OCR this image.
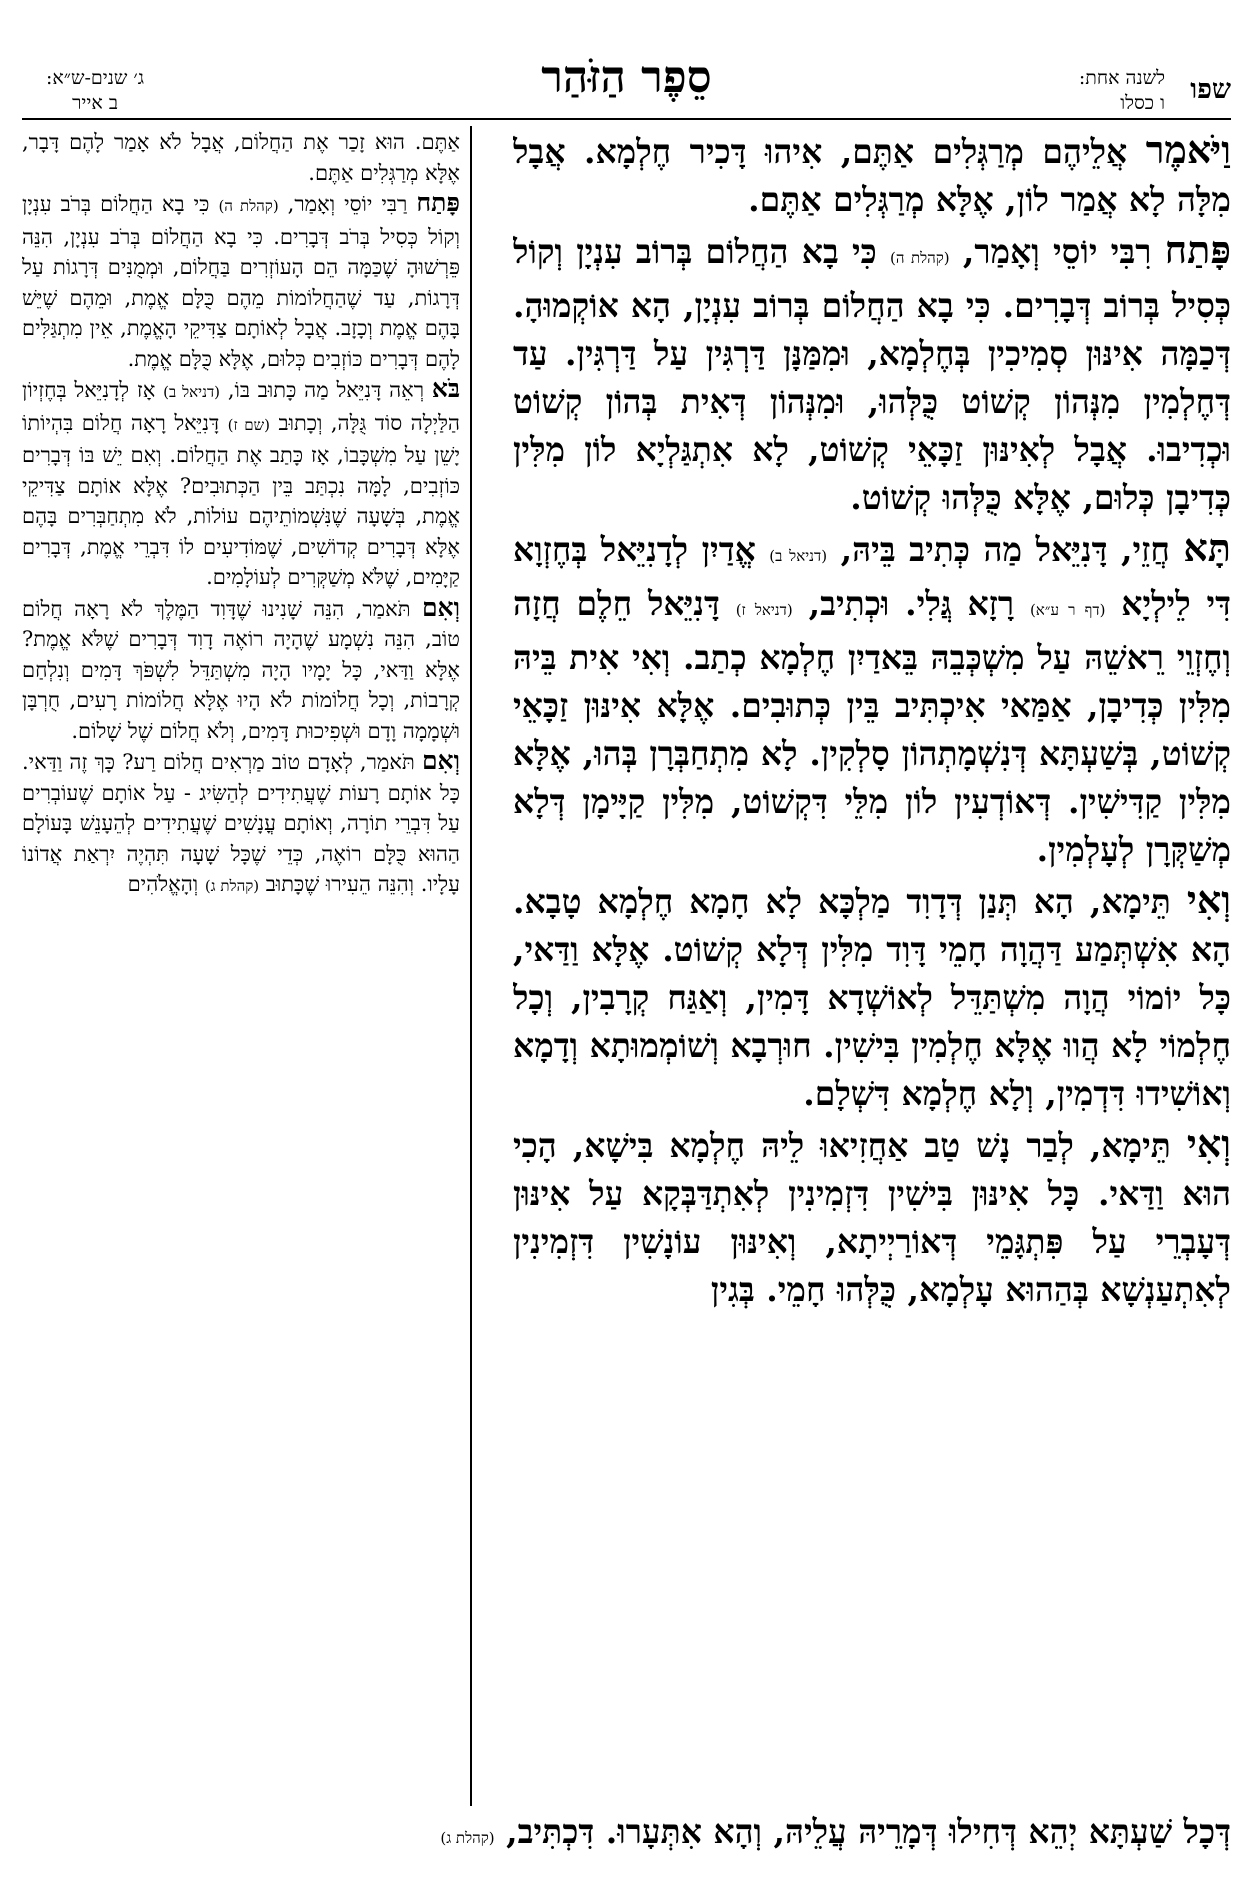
שפו
לשנה אחת:
ו כסלו
סֵפֶר הַזֹּהַר
ג׳ שנים-ש״א:
ב אייר

וַיֹּאמֶר אֲלֵיהֶם מְרַגְּלִים אַתֶּם, אִיהוּ דָּכִיר חֶלְמָא. אֲבָל מִלָּה לָא אֲמַר לוֹן, אֶלָּא מְרַגְּלִים אַתֶּם.

פָּתַח רִבִּי יוֹסֵי וְאָמַר, (קהלת ה) כִּי בָא הַחֲלוֹם בְּרוֹב עִנְיָן וְקוֹל כְּסִיל בְּרוֹב דְּבָרִים. כִּי בָא הַחֲלוֹם בְּרוֹב עִנְיָן, הָא אוֹקְמוּהָ. דְּכַמָּה אִינּוּן סְמִיכִין בְּחֶלְמָא, וּמִמַּנָּן דַּרְגִּין עַל דַּרְגִּין. עַד דְּחֶלְמִין מִנְּהוֹן קְשׁוֹט כֻּלְּהוּ, וּמִנְּהוֹן דְּאִית בְּהוֹן קְשׁוֹט וּכְדִיבוּ. אֲבָל לְאִינּוּן זַכָּאֵי קְשׁוֹט, לָא אִתְגַּלְיָא לוֹן מִלִּין כְּדִיבָן כְּלוּם, אֶלָּא כֻּלְּהוּ קְשׁוֹט.

תָּא חֲזֵי, דָּנִיֵּאל מַה כְּתִיב בֵּיהּ, (דניאל ב) אֱדַיִן לְדָנִיֵּאל בְּחֶזְוָא דִּי לֵילְיָא (דף ר ע״א) רָזָא גֲּלִי. וּכְתִיב, (דניאל ז) דָּנִיֵּאל חֵלֶם חֲזָה וְחֶזְוֵי רֵאשֵׁהּ עַל מִשְׁכְּבֵהּ בֵּאדַיִן חֶלְמָא כְתַב. וְאִי אִית בֵּיהּ מִלִּין כְּדִיבָן, אַמַּאי אִיכְתִּיב בֵּין כְּתוּבִים. אֶלָּא אִינּוּן זַכָּאֵי קְשׁוֹט, בְּשַׁעְתָּא דְּנִשְׁמָתְהוֹן סָלְקִין. לָא מִתְחַבְּרָן בְּהוּ, אֶלָּא מִלִּין קַדִּישִׁין. דְּאוֹדְעִין לוֹן מִלֵּי דִּקְשׁוֹט, מִלִּין קַיָּימָן דְּלָא מְשַׁקְּרָן לְעָלְמִין.

וְאִי תֵּימָא, הָא תְּנַן דְּדָוִד מַלְכָּא לָא חָמָא חֶלְמָא טָבָא. הָא אִשְׁתְּמַע דַּהֲוָה חָמֵי דָּוִד מִלִּין דְּלָא קְשׁוֹט. אֶלָּא וַדַּאי, כָּל יוֹמוֹי הֲוָה מִשְׁתַּדֵּל לְאוֹשְׁדָא דָּמִין, וְאַגַּח קְרָבִין, וְכָל חֶלְמוֹי לָא הֲווּ אֶלָּא חֶלְמִין בִּישִׁין. חוּרְבָא וְשׁוֹמְמוּתָא וְדָמָא וְאוֹשִׁידוּ דִּדְמִין, וְלָא חֶלְמָא דִּשְׁלָם.

וְאִי תֵּימָא, לְבַר נָשׁ טַב אַחֲזִיאוּ לֵיהּ חֶלְמָא בִּישָׁא, הָכִי הוּא וַדַּאי. כָּל אִינּוּן בִּישִׁין דִּזְמִינִין לְאִתְדַּבְּקָא עַל אִינּוּן דְּעָבְרֵי עַל פִּתְגָּמֵי דְּאוֹרַיְיתָא, וְאִינּוּן עוֹנָשִׁין דִּזְמִינִין לְאִתְעַנְשָׁא בְּהַהוּא עָלְמָא, כֻּלְּהוּ חָמֵי. בְּגִין

אַתֶּם. הוּא זָכַר אֶת הַחֲלוֹם, אֲבָל לֹא אָמַר לָהֶם דָּבָר, אֶלָּא מְרַגְּלִים אַתֶּם.

פָּתַח רַבִּי יוֹסֵי וְאָמַר, (קהלת ה) כִּי בָא הַחֲלוֹם בְּרֹב עִנְיָן וְקוֹל כְּסִיל בְּרֹב דְּבָרִים. כִּי בָא הַחֲלוֹם בְּרֹב עִנְיָן, הִנֵּה פֵּרְשׁוּהָ שֶׁכַּמָּה הֵם הָעוֹזְרִים בַּחֲלוֹם, וּמְמֻנִּים דְּרָגוֹת עַל דְּרָגוֹת, עַד שֶׁהַחֲלוֹמוֹת מֵהֶם כֻּלָּם אֱמֶת, וּמֵהֶם שֶׁיֵּשׁ בָּהֶם אֱמֶת וְכָזָב. אֲבָל לְאוֹתָם צַדִּיקֵי הָאֱמֶת, אֵין מִתְגַּלִּים לָהֶם דְּבָרִים כּוֹזְבִים כְּלוּם, אֶלָּא כֻּלָּם אֱמֶת.

בֹּא רְאֵה דָּנִיֵּאל מַה כָּתוּב בּוֹ, (דניאל ב) אָז לְדָנִיֵּאל בְּחֶזְיוֹן הַלַּיְלָה סוֹד גֻּלָּה, וְכָתוּב (שם ז) דָּנִיֵּאל רָאָה חֲלוֹם בִּהְיוֹתוֹ יָשֵׁן עַל מִשְׁכָּבוֹ, אָז כָּתַב אֶת הַחֲלוֹם. וְאִם יֵשׁ בּוֹ דְּבָרִים כּוֹזְבִים, לָמָּה נִכְתַּב בֵּין הַכְּתוּבִים? אֶלָּא אוֹתָם צַדִּיקֵי אֱמֶת, בְּשָׁעָה שֶׁנִּשְׁמוֹתֵיהֶם עוֹלוֹת, לֹא מִתְחַבְּרִים בָּהֶם אֶלָּא דְּבָרִים קְדוֹשִׁים, שֶׁמּוֹדִיעִים לוֹ דִּבְרֵי אֱמֶת, דְּבָרִים קַיָּמִים, שֶׁלֹּא מְשַׁקְּרִים לְעוֹלָמִים.

וְאִם תֹּאמַר, הִנֵּה שָׁנִינוּ שֶׁדָּוִד הַמֶּלֶךְ לֹא רָאָה חֲלוֹם טוֹב, הִנֵּה נִשְׁמָע שֶׁהָיָה רוֹאֶה דָוִד דְּבָרִים שֶׁלֹּא אֱמֶת? אֶלָּא וַדַּאי, כָּל יָמָיו הָיָה מִשְׁתַּדֵּל לִשְׁפֹּךְ דָּמִים וְנִלְחַם קְרָבוֹת, וְכָל חֲלוֹמוֹת לֹא הָיוּ אֶלָּא חֲלוֹמוֹת רָעִים, חֻרְבָּן וּשְׁמָמָה וָדָם וּשְׁפִיכוּת דָּמִים, וְלֹא חֲלוֹם שֶׁל שָׁלוֹם.

וְאִם תֹּאמַר, לְאָדָם טוֹב מַרְאִים חֲלוֹם רַע? כָּךְ זֶה וַדַּאי. כָּל אוֹתָם רָעוֹת שֶׁעֲתִידִים לְהַשִּׂיג - עַל אוֹתָם שֶׁעוֹבְרִים עַל דִּבְרֵי תוֹרָה, וְאוֹתָם עֳנָשִׁים שֶׁעֲתִידִים לְהֵעָנֵשׁ בָּעוֹלָם הַהוּא כֻּלָּם רוֹאֶה, כְּדֵי שֶׁכָּל שָׁעָה תִּהְיֶה יִרְאַת אֲדוֹנוֹ עָלָיו. וְהִנֵּה הֵעִירוּ שֶׁכָּתוּב (קהלת ג) וְהָאֱלֹהִים

דְּכָל שַׁעְתָּא יְהֵא דְּחִילוּ דְּמָרֵיהּ עֲלֵיהּ, וְהָא אִתְּעָרוּ. דִּכְתִּיב, (קהלת ג)
